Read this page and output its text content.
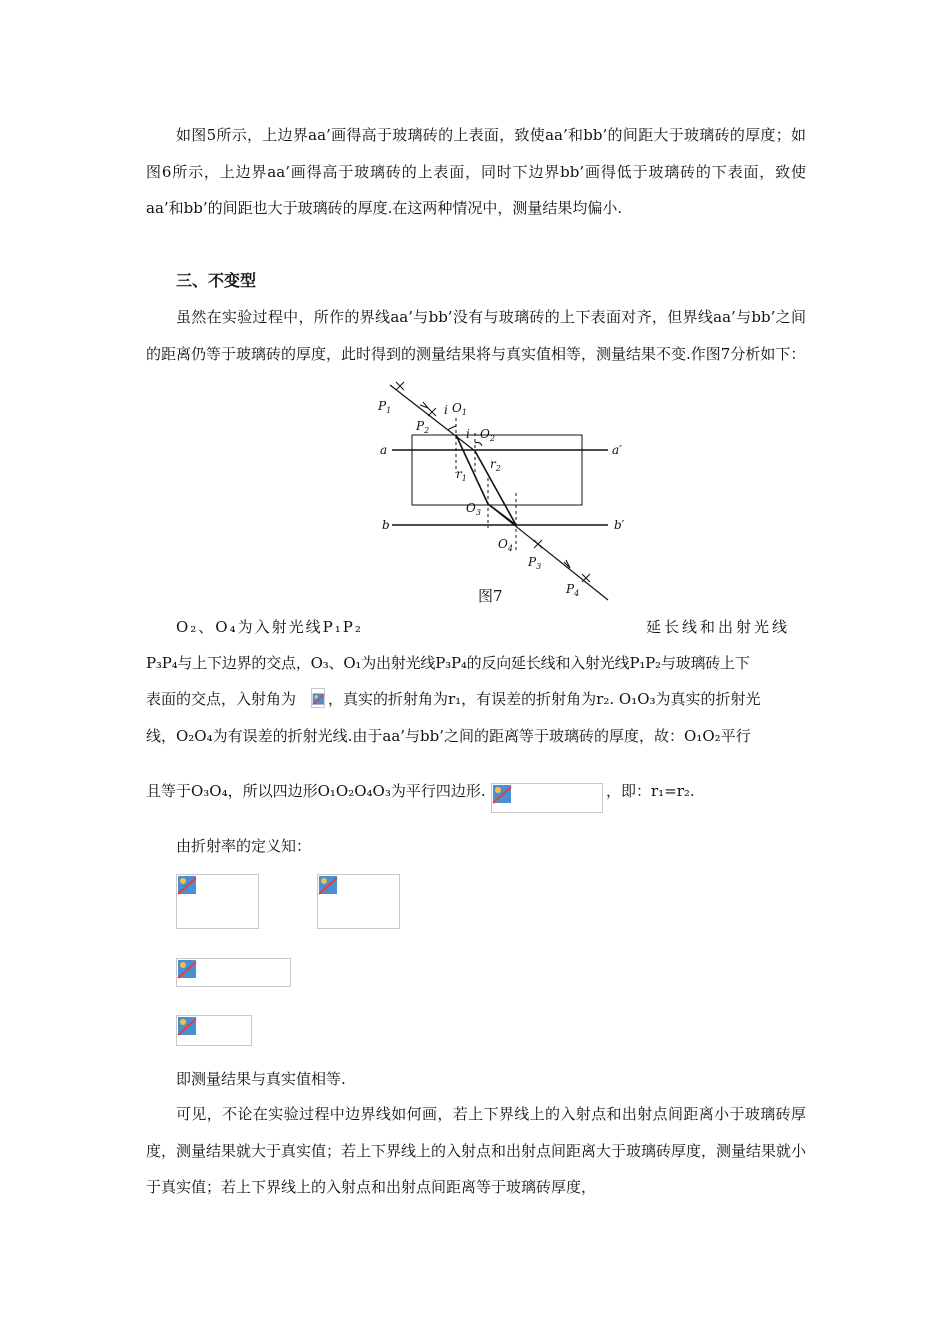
如图5所示，上边界aa’画得高于玻璃砖的上表面，致使aa’和bb’的间距大于玻璃砖的厚度；如图6所示，上边界aa’画得高于玻璃砖的上表面，同时下边界bb’画得低于玻璃砖的下表面，致使aa’和bb’的间距也大于玻璃砖的厚度.在这两种情况中，测量结果均偏小.

三、不变型

虽然在实验过程中，所作的界线aa’与bb’没有与玻璃砖的上下表面对齐，但界线aa’与bb’之间的距离仍等于玻璃砖的厚度，此时得到的测量结果将与真实值相等，测量结果不变.作图7分析如下：

$P_1$
$P_2$
i $O_1$
i $O_2$
$r_2$
$r_1$
$O_3$
$O_4$
$P_3$
$P_4$
a	a′
b	b′
图7

O₂、O₄为入射光线P₁P₂	延长线和出射光线

P₃P₄与上下边界的交点，O₃、O₁为出射光线P₃P₄的反向延长线和入射光线P₁P₂与玻璃砖上下

表面的交点，入射角为 ，真实的折射角为r₁，有误差的折射角为r₂. O₁O₃为真实的折射光

线，O₂O₄为有误差的折射光线.由于aa’与bb’之间的距离等于玻璃砖的厚度，故：O₁O₂平行

且等于O₃O₄，所以四边形O₁O₂O₄O₃为平行四边形.	，即：r₁=r₂.

由折射率的定义知：

即测量结果与真实值相等.

可见，不论在实验过程中边界线如何画，若上下界线上的入射点和出射点间距离小于玻璃砖厚度，测量结果就大于真实值；若上下界线上的入射点和出射点间距离大于玻璃砖厚度，测量结果就小于真实值；若上下界线上的入射点和出射点间距离等于玻璃砖厚度，
